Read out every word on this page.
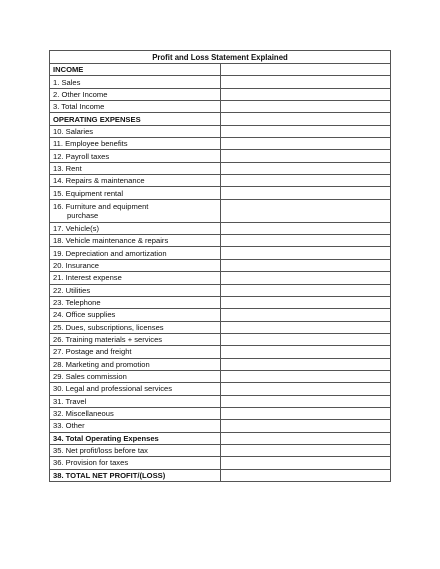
Profit and Loss Statement Explained	
INCOME	
1. Sales	
2. Other Income	
3. Total Income	
OPERATING EXPENSES	
10. Salaries	
11. Employee benefits	
12. Payroll taxes	
13. Rent	
14. Repairs & maintenance	
15. Equipment rental	

16. Furniture and equipment
purchase	

17. Vehicle(s)	
18. Vehicle maintenance & repairs	
19. Depreciation and amortization	
20. Insurance	
21. Interest expense	
22. Utilities	
23. Telephone	
24. Office supplies	
25. Dues, subscriptions, licenses	
26. Training materials + services	
27. Postage and freight	
28. Marketing and promotion	
29. Sales commission	
30. Legal and professional services	
31. Travel	
32. Miscellaneous	
33. Other	
34. Total Operating Expenses	
35. Net profit/loss before tax	
36. Provision for taxes	
38. TOTAL NET PROFIT/(LOSS)	
